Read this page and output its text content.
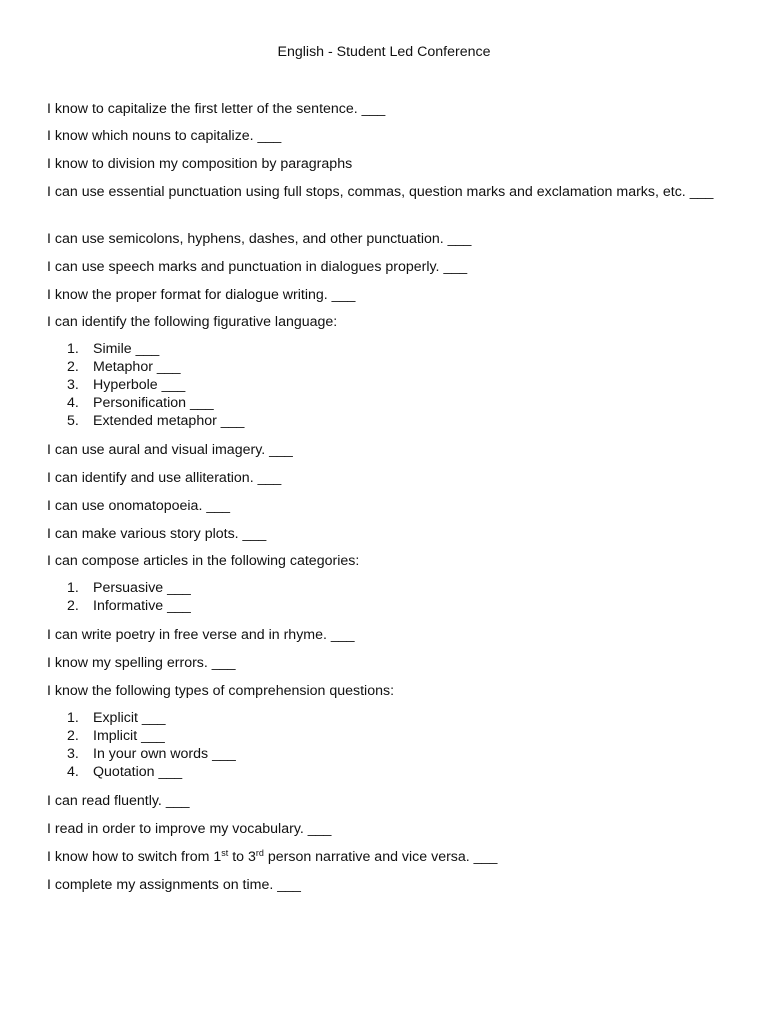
English - Student Led Conference

I know to capitalize the first letter of the sentence. ___

I know which nouns to capitalize. ___

I know to division my composition by paragraphs

I can use essential punctuation using full stops, commas, question marks and exclamation marks, etc. ___

I can use semicolons, hyphens, dashes, and other punctuation. ___

I can use speech marks and punctuation in dialogues properly. ___

I know the proper format for dialogue writing. ___

I can identify the following figurative language:

1. Simile ___
2. Metaphor ___
3. Hyperbole ___
4. Personification ___
5. Extended metaphor ___

I can use aural and visual imagery. ___

I can identify and use alliteration. ___

I can use onomatopoeia. ___

I can make various story plots. ___

I can compose articles in the following categories:

1. Persuasive ___
2. Informative ___

I can write poetry in free verse and in rhyme. ___

I know my spelling errors. ___

I know the following types of comprehension questions:

1. Explicit ___
2. Implicit ___
3. In your own words ___
4. Quotation ___

I can read fluently. ___

I read in order to improve my vocabulary. ___

I know how to switch from 1st to 3rd person narrative and vice versa. ___

I complete my assignments on time. ___
